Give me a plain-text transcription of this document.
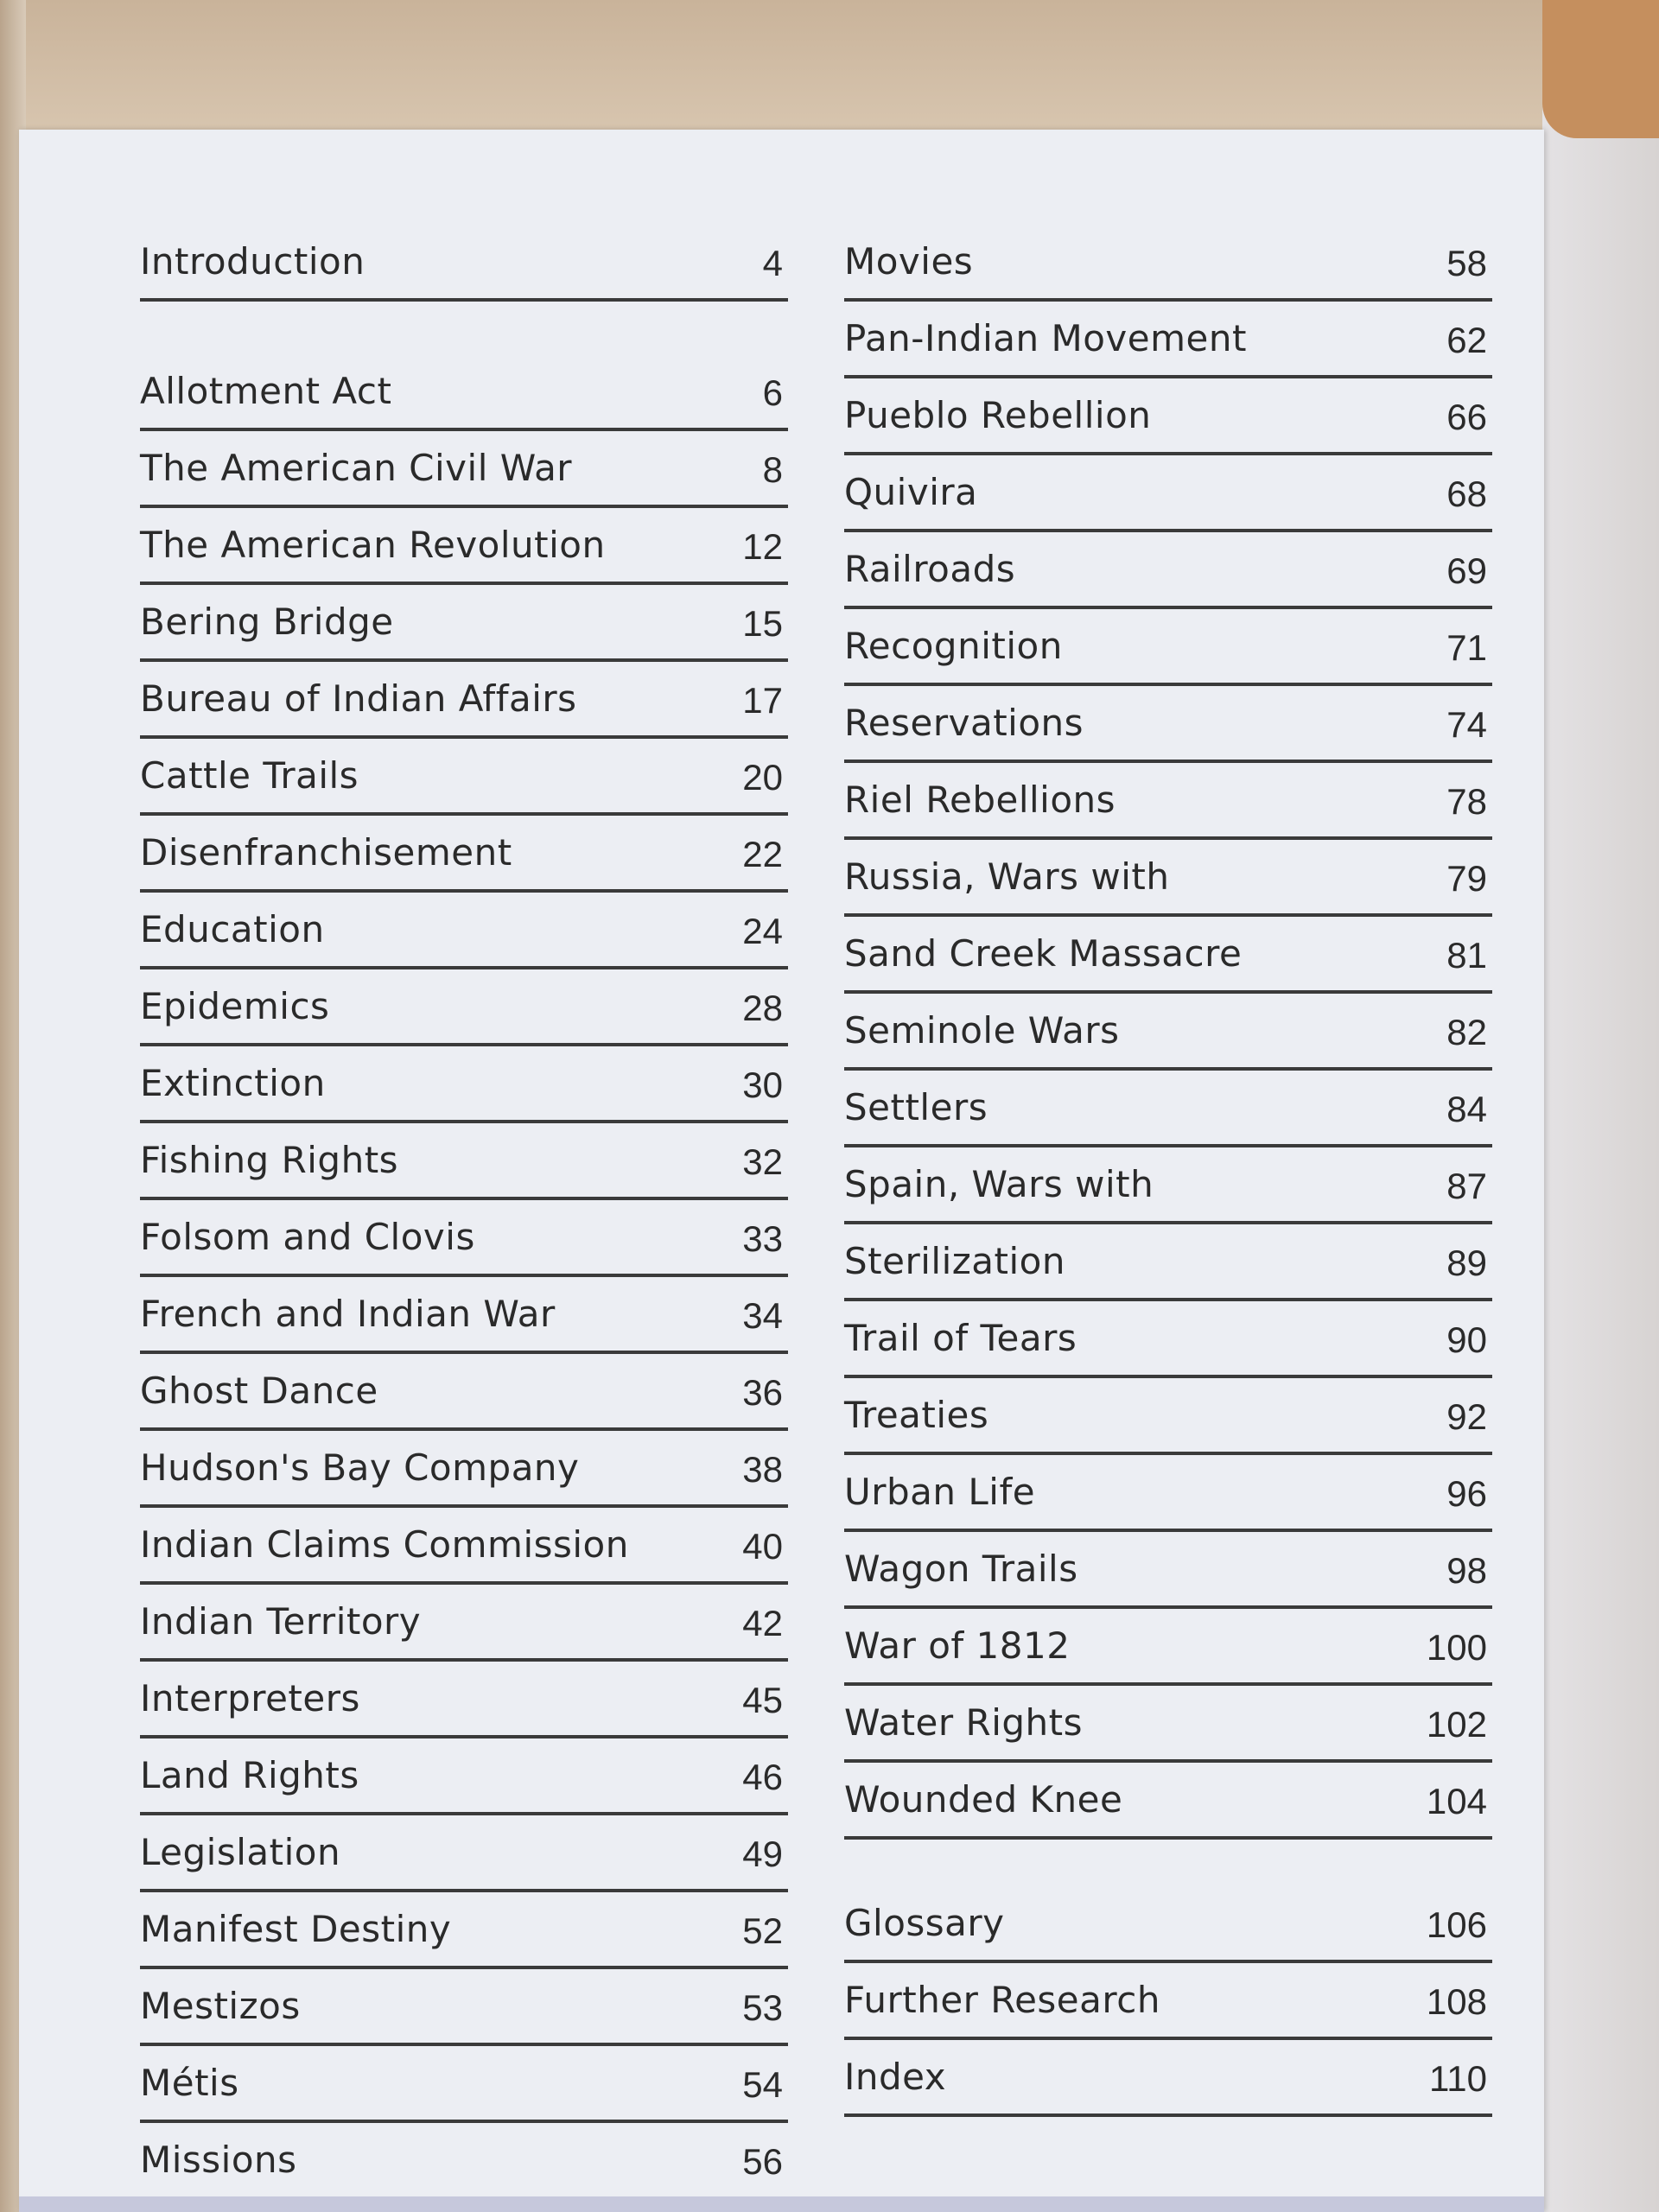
Introduction	4
Allotment Act	6
The American Civil War	8
The American Revolution	12
Bering Bridge	15
Bureau of Indian Affairs	17
Cattle Trails	20
Disenfranchisement	22
Education	24
Epidemics	28
Extinction	30
Fishing Rights	32
Folsom and Clovis	33
French and Indian War	34
Ghost Dance	36
Hudson's Bay Company	38
Indian Claims Commission	40
Indian Territory	42
Interpreters	45
Land Rights	46
Legislation	49
Manifest Destiny	52
Mestizos	53
Métis	54
Missions	56
Movies	58
Pan-Indian Movement	62
Pueblo Rebellion	66
Quivira	68
Railroads	69
Recognition	71
Reservations	74
Riel Rebellions	78
Russia, Wars with	79
Sand Creek Massacre	81
Seminole Wars	82
Settlers	84
Spain, Wars with	87
Sterilization	89
Trail of Tears	90
Treaties	92
Urban Life	96
Wagon Trails	98
War of 1812	100
Water Rights	102
Wounded Knee	104
Glossary	106
Further Research	108
Index	110
